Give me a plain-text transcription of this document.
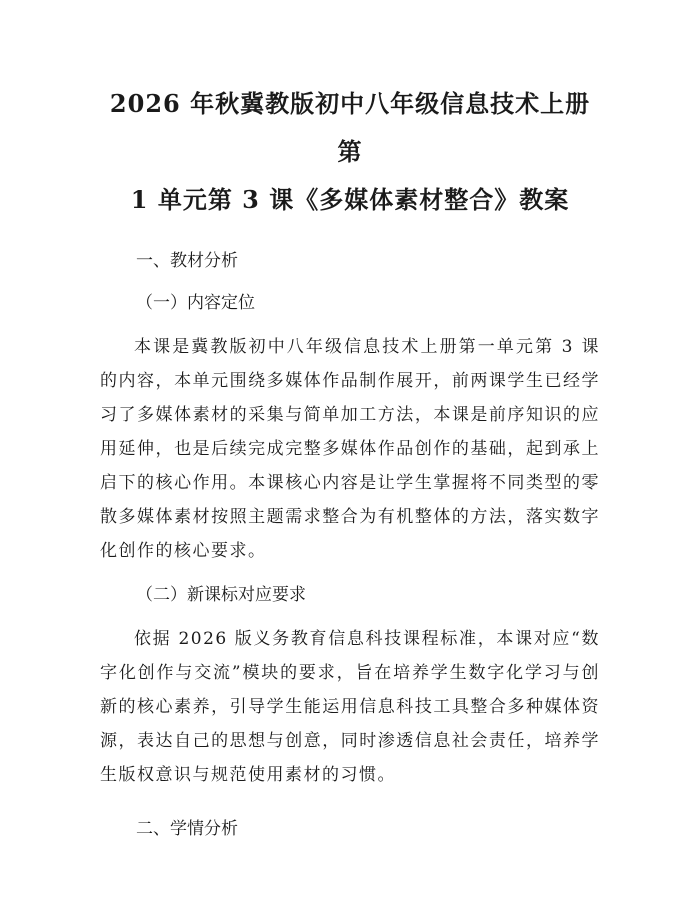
2026 年秋冀教版初中八年级信息技术上册第
1 单元第 3 课《多媒体素材整合》教案
一、教材分析
（一）内容定位

本课是冀教版初中八年级信息技术上册第一单元第 3 课的内容，本单元围绕多媒体作品制作展开，前两课学生已经学习了多媒体素材的采集与简单加工方法，本课是前序知识的应用延伸，也是后续完成完整多媒体作品创作的基础，起到承上启下的核心作用。本课核心内容是让学生掌握将不同类型的零散多媒体素材按照主题需求整合为有机整体的方法，落实数字化创作的核心要求。

（二）新课标对应要求

依据 2026 版义务教育信息科技课程标准，本课对应“数字化创作与交流”模块的要求，旨在培养学生数字化学习与创新的核心素养，引导学生能运用信息科技工具整合多种媒体资源，表达自己的思想与创意，同时渗透信息社会责任，培养学生版权意识与规范使用素材的习惯。

二、学情分析
